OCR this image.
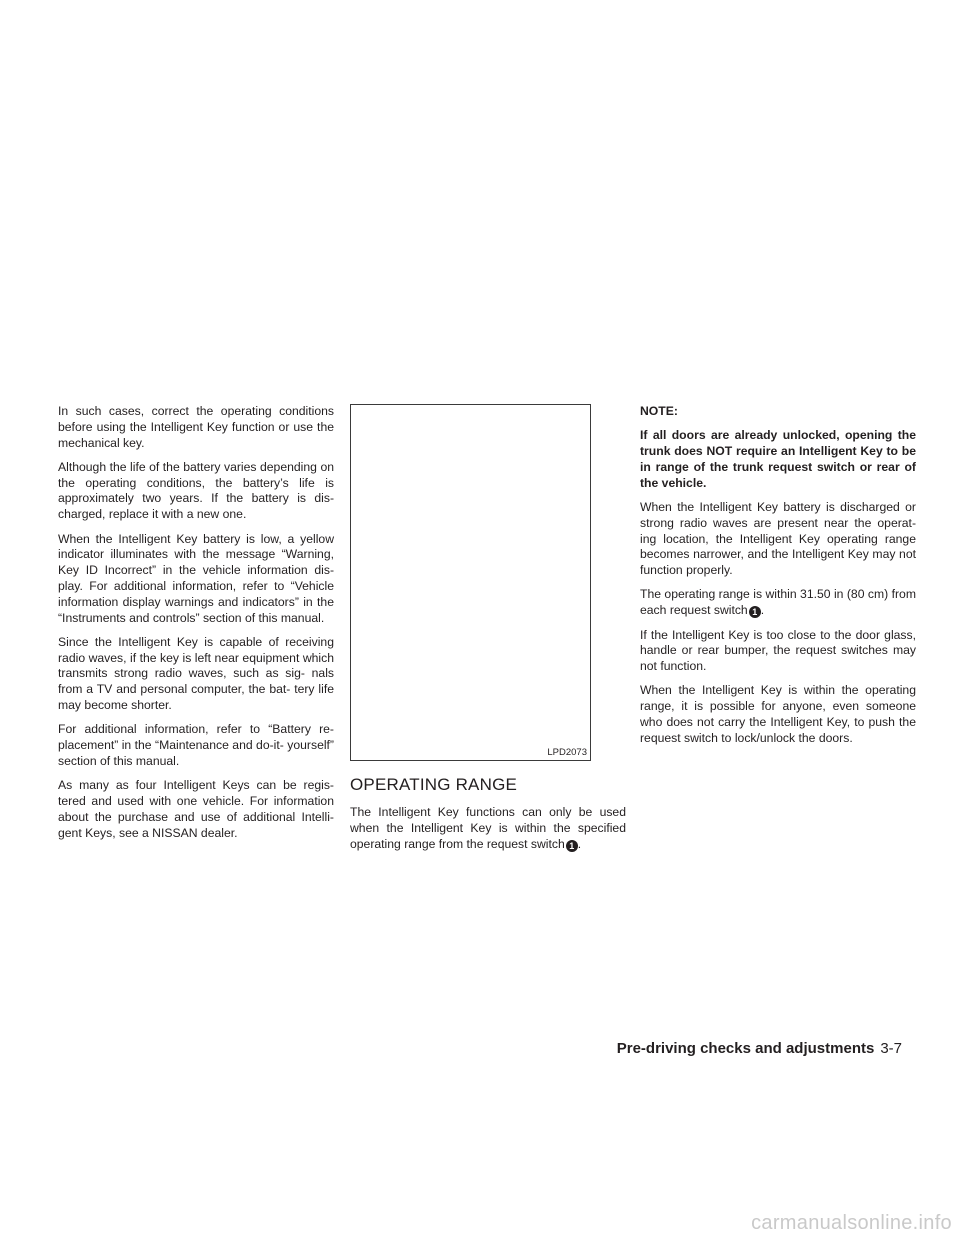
In such cases, correct the operating conditions before using the Intelligent Key function or use the mechanical key.

Although the life of the battery varies depending on the operating conditions, the battery’s life is approximately two years. If the battery is dis- charged, replace it with a new one.

When the Intelligent Key battery is low, a yellow indicator illuminates with the message “Warning, Key ID Incorrect” in the vehicle information dis- play. For additional information, refer to “Vehicle information display warnings and indicators” in the “Instruments and controls” section of this manual.

Since the Intelligent Key is capable of receiving radio waves, if the key is left near equipment which transmits strong radio waves, such as sig- nals from a TV and personal computer, the bat- tery life may become shorter.

For additional information, refer to “Battery re- placement” in the “Maintenance and do-it- yourself” section of this manual.

As many as four Intelligent Keys can be regis- tered and used with one vehicle. For information about the purchase and use of additional Intelli- gent Keys, see a NISSAN dealer.

LPD2073
OPERATING RANGE

The Intelligent Key functions can only be used when the Intelligent Key is within the specified operating range from the request switch 1 .

NOTE:

If all doors are already unlocked, opening the trunk does NOT require an Intelligent Key to be in range of the trunk request switch or rear of the vehicle.

When the Intelligent Key battery is discharged or strong radio waves are present near the operat- ing location, the Intelligent Key operating range becomes narrower, and the Intelligent Key may not function properly.

The operating range is within 31.50 in (80 cm) from each request switch 1 .

If the Intelligent Key is too close to the door glass, handle or rear bumper, the request switches may not function.

When the Intelligent Key is within the operating range, it is possible for anyone, even someone who does not carry the Intelligent Key, to push the request switch to lock/unlock the doors.

Pre-driving checks and adjustments 3-7
carmanualsonline.info
